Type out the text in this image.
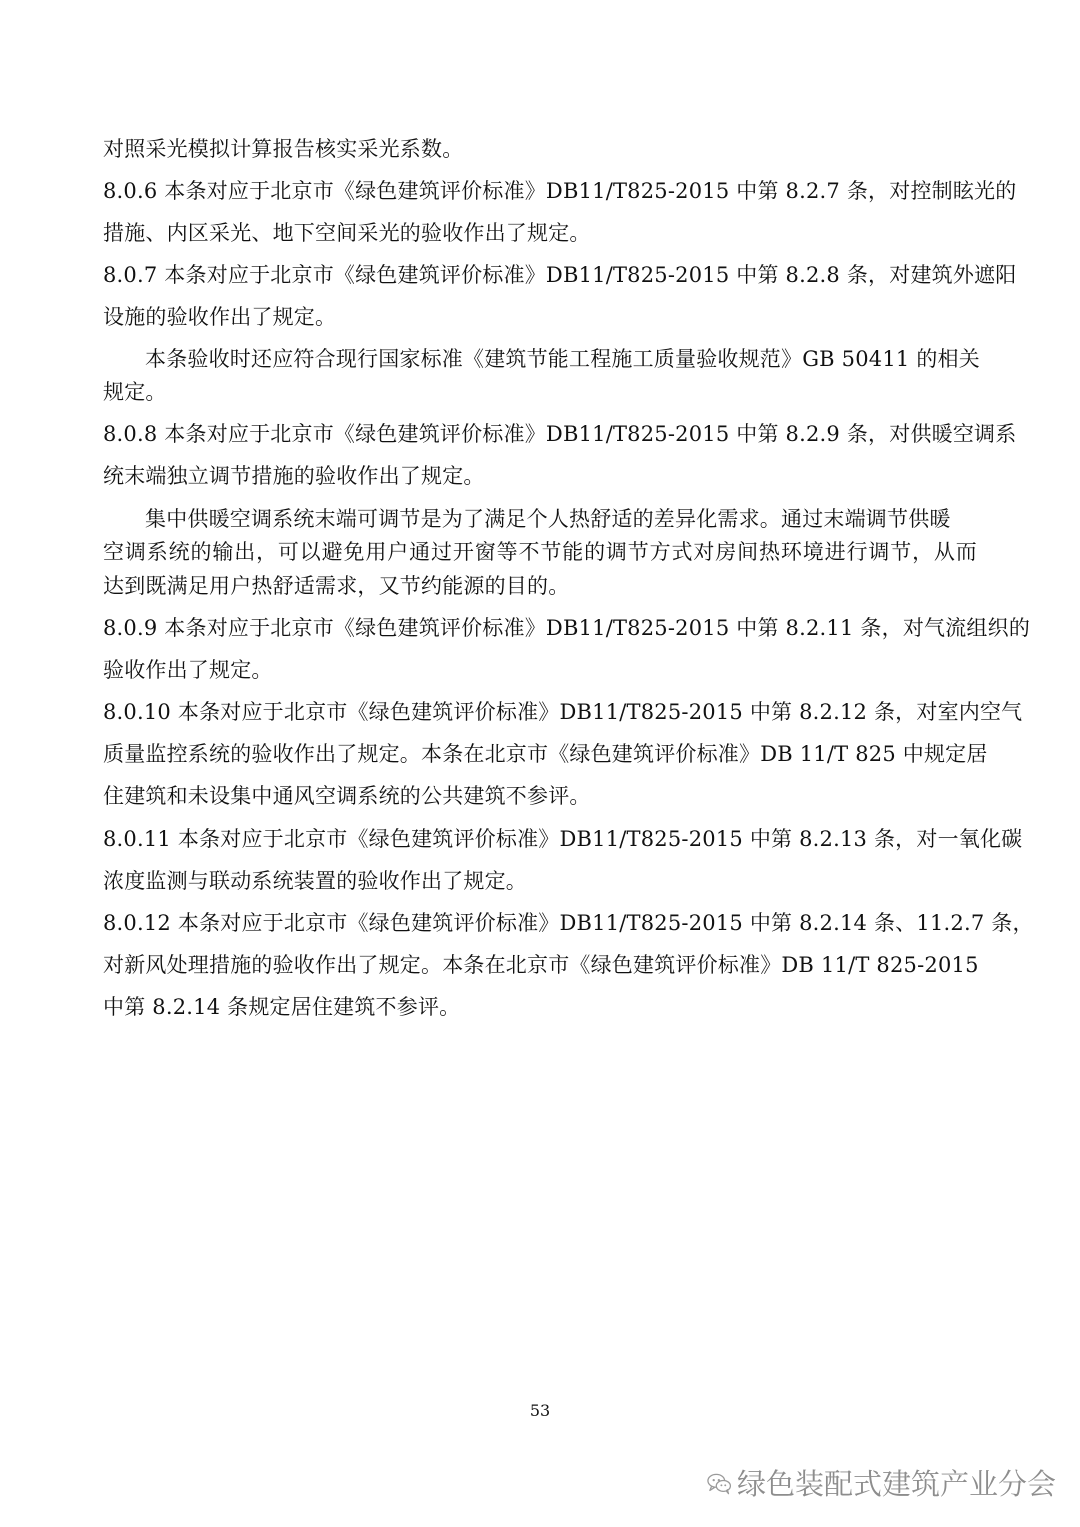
对照采光模拟计算报告核实采光系数。
8.0.6 本条对应于北京市《绿色建筑评价标准》DB11/T825-2015 中第 8.2.7 条，对控制眩光的
措施、内区采光、地下空间采光的验收作出了规定。
8.0.7 本条对应于北京市《绿色建筑评价标准》DB11/T825-2015 中第 8.2.8 条，对建筑外遮阳
设施的验收作出了规定。
本条验收时还应符合现行国家标准《建筑节能工程施工质量验收规范》GB 50411 的相关
规定。
8.0.8 本条对应于北京市《绿色建筑评价标准》DB11/T825-2015 中第 8.2.9 条，对供暖空调系
统末端独立调节措施的验收作出了规定。
集中供暖空调系统末端可调节是为了满足个人热舒适的差异化需求。通过末端调节供暖
空调系统的输出，可以避免用户通过开窗等不节能的调节方式对房间热环境进行调节，从而
达到既满足用户热舒适需求，又节约能源的目的。
8.0.9 本条对应于北京市《绿色建筑评价标准》DB11/T825-2015 中第 8.2.11 条，对气流组织的
验收作出了规定。
8.0.10 本条对应于北京市《绿色建筑评价标准》DB11/T825-2015 中第 8.2.12 条，对室内空气
质量监控系统的验收作出了规定。本条在北京市《绿色建筑评价标准》DB 11/T 825 中规定居
住建筑和未设集中通风空调系统的公共建筑不参评。
8.0.11 本条对应于北京市《绿色建筑评价标准》DB11/T825-2015 中第 8.2.13 条，对一氧化碳
浓度监测与联动系统装置的验收作出了规定。
8.0.12 本条对应于北京市《绿色建筑评价标准》DB11/T825-2015 中第 8.2.14 条、11.2.7 条，
对新风处理措施的验收作出了规定。本条在北京市《绿色建筑评价标准》DB 11/T 825-2015
中第 8.2.14 条规定居住建筑不参评。
53
绿色装配式建筑产业分会
